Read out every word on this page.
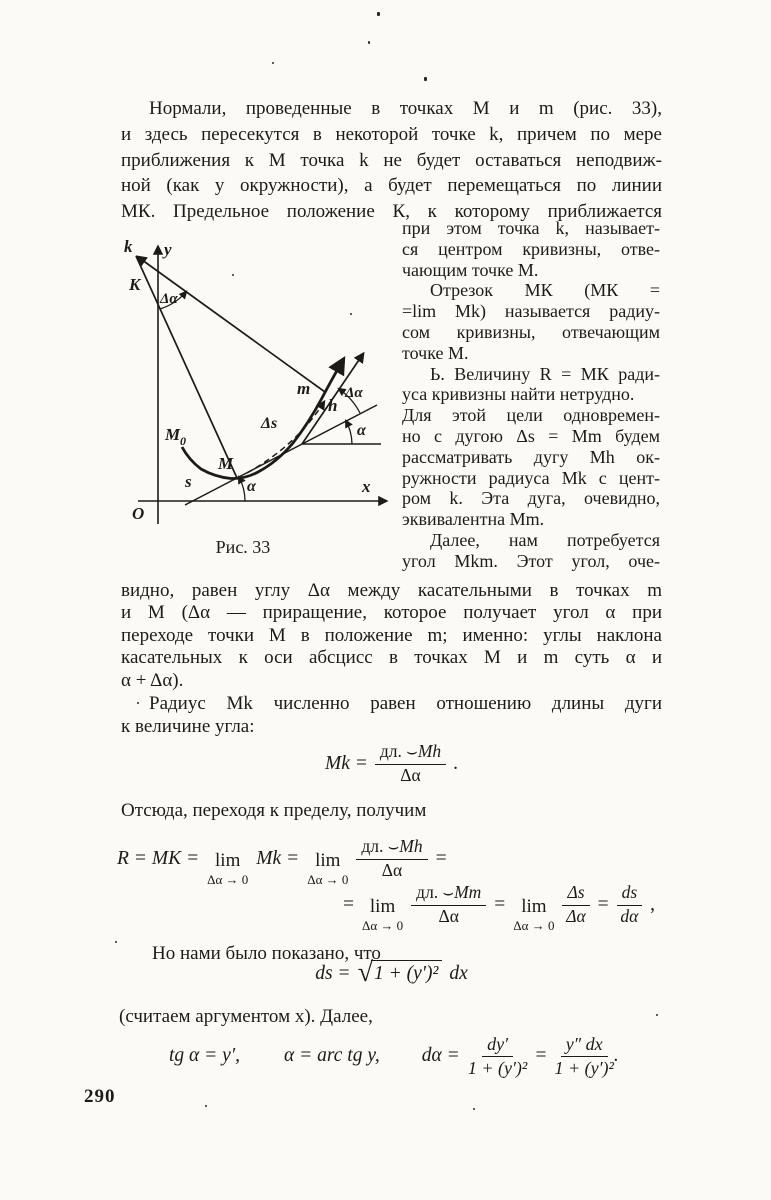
Нормали, проведенные в точках М и m (рис. 33),
и здесь пересекутся в некоторой точке k, причем по мере
приближения к М точка k не будет оставаться неподвиж-
ной (как у окружности), а будет перемещаться по линии
МК. Предельное положение К, к которому приближается
при этом точка k, называет-
ся центром кривизны, отве-
чающим точке М.
Отрезок МК (МК =
=lim Mk) называется радиу-
сом кривизны, отвечающим
точке М.
Ь. Величину R = МК ради-
уса кривизны найти нетрудно.
Для этой цели одновремен-
но с дугою Δs = Mm будем
рассматривать дугу Mh ок-
ружности радиуса Mk с цент-
ром k. Эта дуга, очевидно,
эквивалентна Mm.
Далее, нам потребуется
угол Mkm. Этот угол, оче-
k
K
y
x
O
M 0
s
M
m
h
Δs
α
α
Δα
Δα
Рис. 33
видно, равен углу Δα между касательными в точках m
и М (Δα — приращение, которое получает угол α при
переходе точки М в положение m; именно: углы наклона
касательных к оси абсцисс в точках М и m суть α и
α + Δα).
Радиус Mk численно равен отношению длины дуги
к величине угла:
$Mk = \frac{дл. ⌣Mh}{\Delta\alpha}$ .
Отсюда, переходя к пределу, получим
R = MK = lim
Δα → 0
Mk = lim
$\Delta\alpha \to 0 \frac{дл. ⌣Mh}{\Delta\alpha}$ =
= lim
$\Delta\alpha \to 0 \frac{дл. ⌣Mm}{\Delta\alpha} = \lim$
$\Delta\alpha \to 0 \frac{\Delta s}{\Delta\alpha} = \frac{ds}{d\alpha}$ ,
Но нами было показано, что
ds = √ 1 + (y′)² dx
(считаем аргументом x). Далее,
tg α = y′, α = arc tg y, $d\alpha = \frac{dy'}{\text{1 + (y′)²}} = \frac{y'' dx}{\text{1 + (y′)²}}$ .
290
